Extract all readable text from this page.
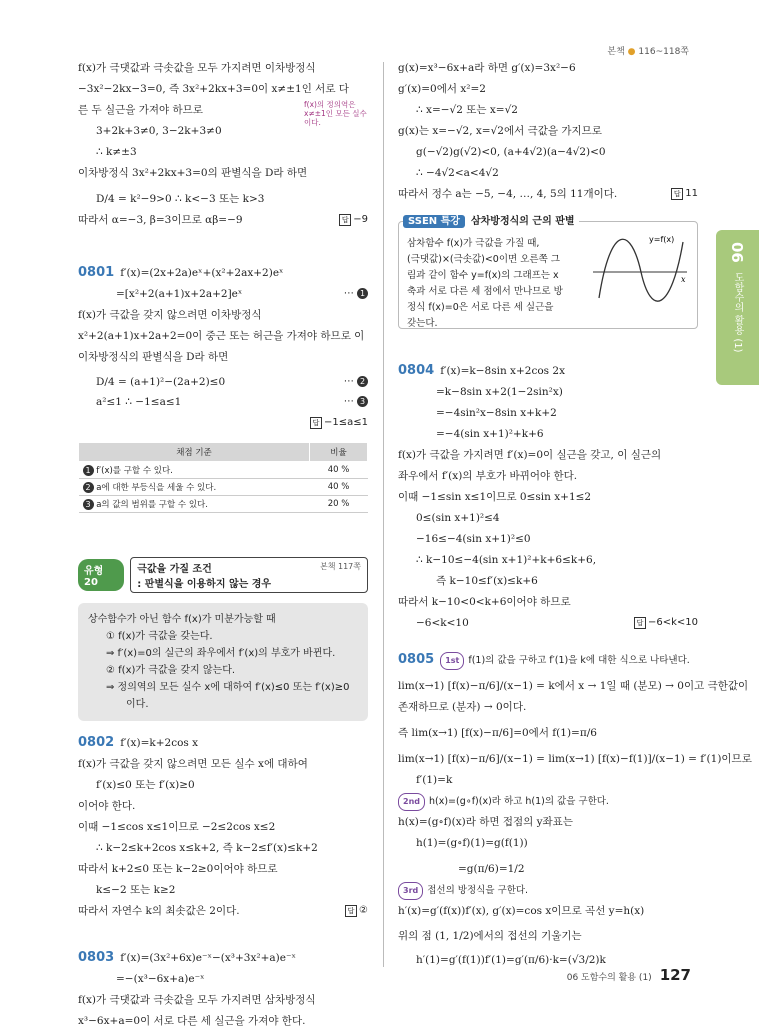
본책 ● 116~118쪽
06
도함수의 활용 (1)
f(x)가 극댓값과 극솟값을 모두 가지려면 이차방정식
−3x²−2kx−3=0, 즉 3x²+2kx+3=0이 x≠±1인 서로 다
른 두 실근을 가져야 하므로
3+2k+3≠0, 3−2k+3≠0
∴ k≠±3
이차방정식 3x²+2kx+3=0의 판별식을 D라 하면
D/4 = k²−9>0 ∴ k<−3 또는 k>3
따라서 α=−3, β=3이므로 αβ=−9	답 −9
f(x)의 정의역은 x≠±1인 모든 실수이다.
0801 f′(x)=(2x+2a)eˣ+(x²+2ax+2)eˣ
=[x²+2(a+1)x+2a+2]eˣ	⋯ 1
f(x)가 극값을 갖지 않으려면 이차방정식
x²+2(a+1)x+2a+2=0이 중근 또는 허근을 가져야 하므로 이
이차방정식의 판별식을 D라 하면
D/4 = (a+1)²−(2a+2)≤0	⋯ 2
a²≤1 ∴ −1≤a≤1	⋯ 3
답 −1≤a≤1
채점 기준	비율
1 f′(x)를 구할 수 있다.	40 %
2 a에 대한 부등식을 세울 수 있다.	40 %
3 a의 값의 범위를 구할 수 있다.	20 %
유형 20
극값을 가질 조건
: 판별식을 이용하지 않는 경우
본책 117쪽
상수함수가 아닌 함수 f(x)가 미분가능할 때
① f(x)가 극값을 갖는다.
⇒ f′(x)=0의 실근의 좌우에서 f′(x)의 부호가 바뀐다.
② f(x)가 극값을 갖지 않는다.
⇒ 정의역의 모든 실수 x에 대하여 f′(x)≤0 또는 f′(x)≥0
이다.
0802 f′(x)=k+2cos x
f(x)가 극값을 갖지 않으려면 모든 실수 x에 대하여
f′(x)≤0 또는 f′(x)≥0
이어야 한다.
이때 −1≤cos x≤1이므로 −2≤2cos x≤2
∴ k−2≤k+2cos x≤k+2, 즉 k−2≤f′(x)≤k+2
따라서 k+2≤0 또는 k−2≥0이어야 하므로
k≤−2 또는 k≥2
따라서 자연수 k의 최솟값은 2이다.	답 ②
0803 f′(x)=(3x²+6x)e⁻ˣ−(x³+3x²+a)e⁻ˣ
=−(x³−6x+a)e⁻ˣ
f(x)가 극댓값과 극솟값을 모두 가지려면 삼차방정식
x³−6x+a=0이 서로 다른 세 실근을 가져야 한다.
g(x)=x³−6x+a라 하면 g′(x)=3x²−6
g′(x)=0에서 x²=2
∴ x=−√2 또는 x=√2
g(x)는 x=−√2, x=√2에서 극값을 가지므로
g(−√2)g(√2)<0, (a+4√2)(a−4√2)<0
∴ −4√2<a<4√2
따라서 정수 a는 −5, −4, …, 4, 5의 11개이다.	답 11
SSEN 특강 삼차방정식의 근의 판별
삼차함수 f(x)가 극값을 가질 때,
(극댓값)×(극솟값)<0이면 오른쪽 그
림과 같이 함수 y=f(x)의 그래프는 x
축과 서로 다른 세 점에서 만나므로 방
정식 f(x)=0은 서로 다른 세 실근을
갖는다.
y=f(x)
x
0804 f′(x)=k−8sin x+2cos 2x
=k−8sin x+2(1−2sin²x)
=−4sin²x−8sin x+k+2
=−4(sin x+1)²+k+6
f(x)가 극값을 가지려면 f′(x)=0이 실근을 갖고, 이 실근의
좌우에서 f′(x)의 부호가 바뀌어야 한다.
이때 −1≤sin x≤1이므로 0≤sin x+1≤2
0≤(sin x+1)²≤4
−16≤−4(sin x+1)²≤0
∴ k−10≤−4(sin x+1)²+k+6≤k+6,
즉 k−10≤f′(x)≤k+6
따라서 k−10<0<k+6이어야 하므로
−6<k<10	답 −6<k<10
0805 1st f(1)의 값을 구하고 f′(1)을 k에 대한 식으로 나타낸다.
lim(x→1) [f(x)−π/6]/(x−1) = k에서 x → 1일 때 (분모) → 0이고 극한값이
존재하므로 (분자) → 0이다.
즉 lim(x→1) [f(x)−π/6]=0에서 f(1)=π/6
lim(x→1) [f(x)−π/6]/(x−1) = lim(x→1) [f(x)−f(1)]/(x−1) = f′(1)이므로
f′(1)=k
2nd h(x)=(g∘f)(x)라 하고 h(1)의 값을 구한다.
h(x)=(g∘f)(x)라 하면 접점의 y좌표는
h(1)=(g∘f)(1)=g(f(1))
=g(π/6)=1/2
3rd 접선의 방정식을 구한다.
h′(x)=g′(f(x))f′(x), g′(x)=cos x이므로 곡선 y=h(x)
위의 점 (1, 1/2)에서의 접선의 기울기는
h′(1)=g′(f(1))f′(1)=g′(π/6)·k=(√3/2)k
06 도함수의 활용 (1) 127
